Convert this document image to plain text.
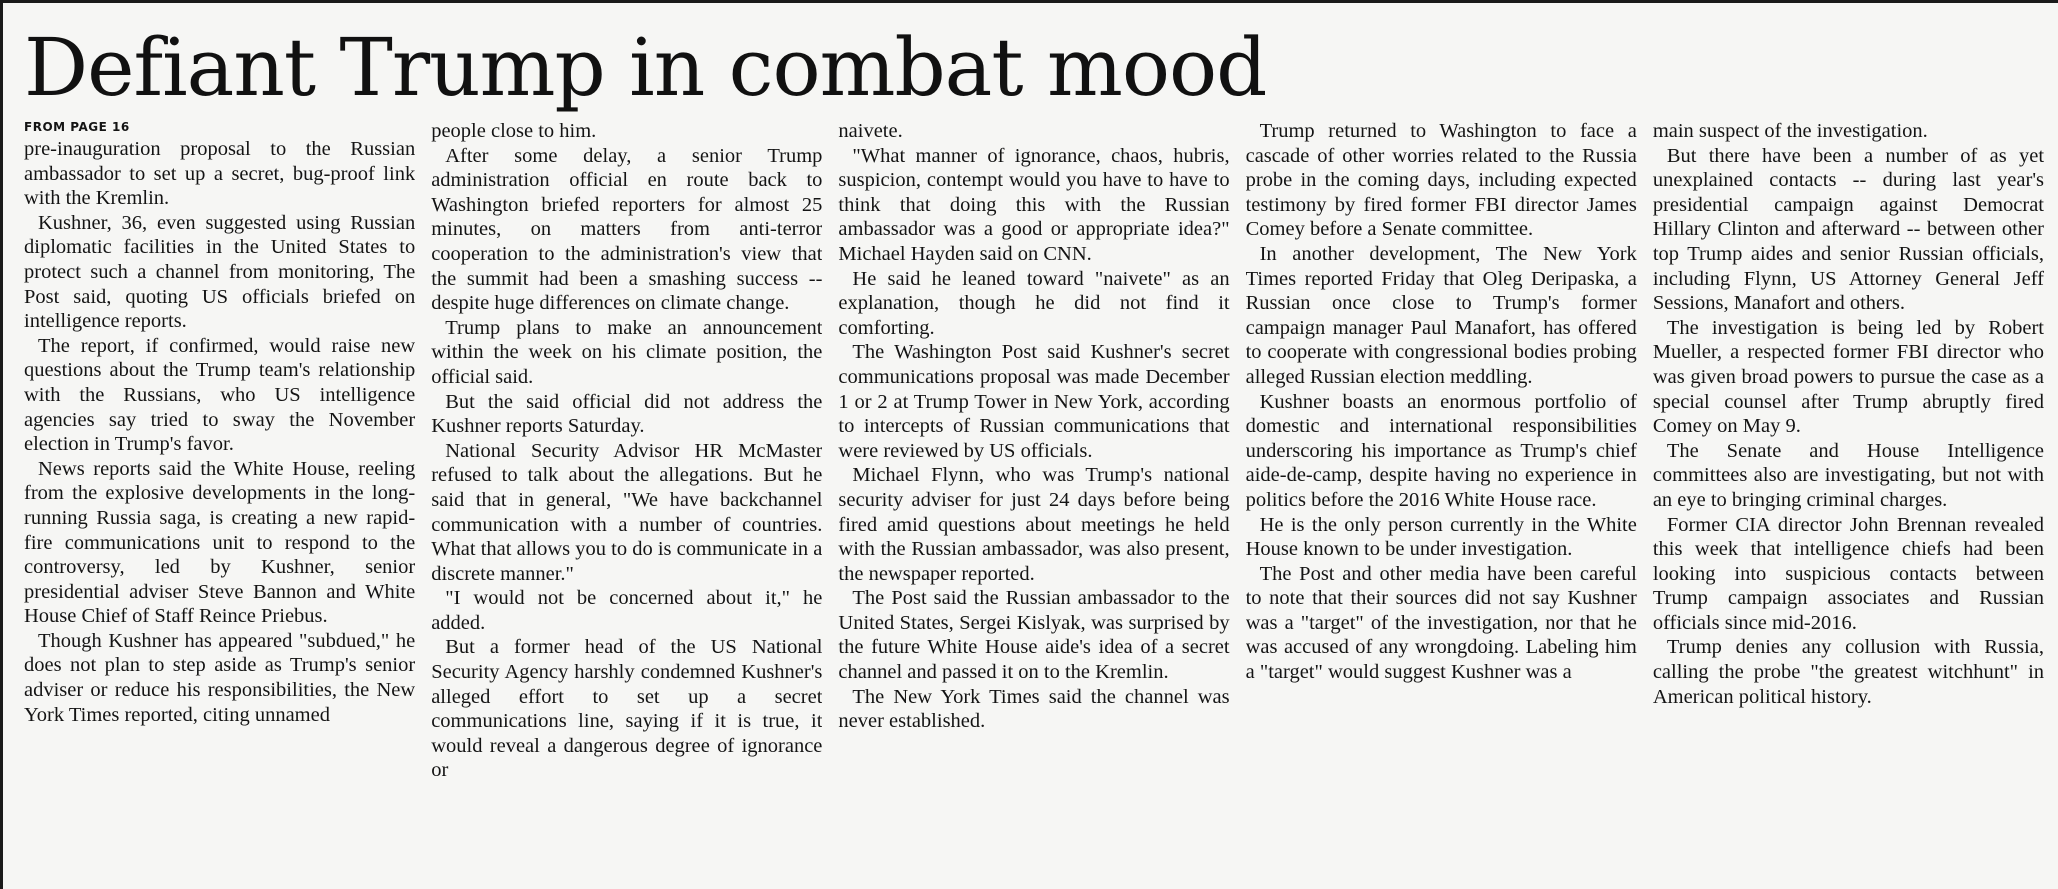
Defiant Trump in combat mood
FROM PAGE 16

pre-inauguration proposal to the Russian ambassador to set up a secret, bug-proof link with the Kremlin.

Kushner, 36, even suggested using Russian diplomatic facilities in the United States to protect such a channel from monitoring, The Post said, quoting US officials briefed on intelligence reports.

The report, if confirmed, would raise new questions about the Trump team's relationship with the Russians, who US intelligence agencies say tried to sway the November election in Trump's favor.

News reports said the White House, reeling from the explosive developments in the long-running Russia saga, is creating a new rapid-fire communications unit to respond to the controversy, led by Kushner, senior presidential adviser Steve Bannon and White House Chief of Staff Reince Priebus.

Though Kushner has appeared "subdued," he does not plan to step aside as Trump's senior adviser or reduce his responsibilities, the New York Times reported, citing unnamed

people close to him.

After some delay, a senior Trump administration official en route back to Washington briefed reporters for almost 25 minutes, on matters from anti-terror cooperation to the administration's view that the summit had been a smashing success -- despite huge differences on climate change.

Trump plans to make an announcement within the week on his climate position, the official said.

But the said official did not address the Kushner reports Saturday.

National Security Advisor HR McMaster refused to talk about the allegations. But he said that in general, "We have backchannel communication with a number of countries. What that allows you to do is communicate in a discrete manner."

"I would not be concerned about it," he added.

But a former head of the US National Security Agency harshly condemned Kushner's alleged effort to set up a secret communications line, saying if it is true, it would reveal a dangerous degree of ignorance or

naivete.

"What manner of ignorance, chaos, hubris, suspicion, contempt would you have to have to think that doing this with the Russian ambassador was a good or appropriate idea?" Michael Hayden said on CNN.

He said he leaned toward "naivete" as an explanation, though he did not find it comforting.

The Washington Post said Kushner's secret communications proposal was made December 1 or 2 at Trump Tower in New York, according to intercepts of Russian communications that were reviewed by US officials.

Michael Flynn, who was Trump's national security adviser for just 24 days before being fired amid questions about meetings he held with the Russian ambassador, was also present, the newspaper reported.

The Post said the Russian ambassador to the United States, Sergei Kislyak, was surprised by the future White House aide's idea of a secret channel and passed it on to the Kremlin.

The New York Times said the channel was never established.

Trump returned to Washington to face a cascade of other worries related to the Russia probe in the coming days, including expected testimony by fired former FBI director James Comey before a Senate committee.

In another development, The New York Times reported Friday that Oleg Deripaska, a Russian once close to Trump's former campaign manager Paul Manafort, has offered to cooperate with congressional bodies probing alleged Russian election meddling.

Kushner boasts an enormous portfolio of domestic and international responsibilities underscoring his importance as Trump's chief aide-de-camp, despite having no experience in politics before the 2016 White House race.

He is the only person currently in the White House known to be under investigation.

The Post and other media have been careful to note that their sources did not say Kushner was a "target" of the investigation, nor that he was accused of any wrongdoing. Labeling him a "target" would suggest Kushner was a

main suspect of the investigation.

But there have been a number of as yet unexplained contacts -- during last year's presidential campaign against Democrat Hillary Clinton and afterward -- between other top Trump aides and senior Russian officials, including Flynn, US Attorney General Jeff Sessions, Manafort and others.

The investigation is being led by Robert Mueller, a respected former FBI director who was given broad powers to pursue the case as a special counsel after Trump abruptly fired Comey on May 9.

The Senate and House Intelligence committees also are investigating, but not with an eye to bringing criminal charges.

Former CIA director John Brennan revealed this week that intelligence chiefs had been looking into suspicious contacts between Trump campaign associates and Russian officials since mid-2016.

Trump denies any collusion with Russia, calling the probe "the greatest witchhunt" in American political history.
